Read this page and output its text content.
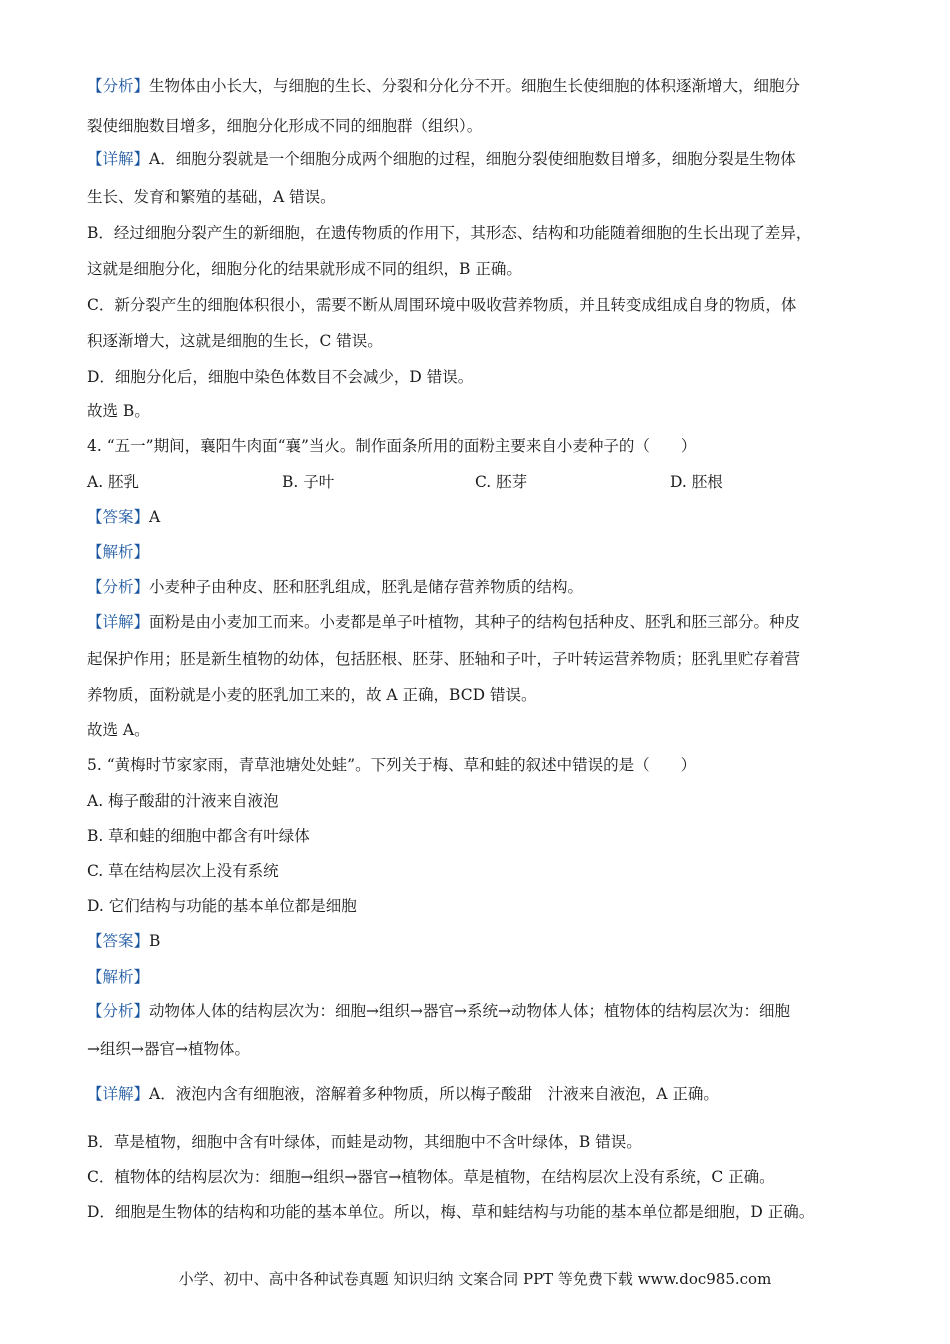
【分析】生物体由小长大，与细胞的生长、分裂和分化分不开。细胞生长使细胞的体积逐渐增大，细胞分
裂使细胞数目增多，细胞分化形成不同的细胞群（组织）。
【详解】A．细胞分裂就是一个细胞分成两个细胞的过程，细胞分裂使细胞数目增多，细胞分裂是生物体
生长、发育和繁殖的基础，A 错误。
B．经过细胞分裂产生的新细胞，在遗传物质的作用下，其形态、结构和功能随着细胞的生长出现了差异，
这就是细胞分化，细胞分化的结果就形成不同的组织，B 正确。
C．新分裂产生的细胞体积很小，需要不断从周围环境中吸收营养物质，并且转变成组成自身的物质，体
积逐渐增大，这就是细胞的生长，C 错误。
D．细胞分化后，细胞中染色体数目不会减少，D 错误。
故选 B。
4. “五一”期间，襄阳牛肉面“襄”当火。制作面条所用的面粉主要来自小麦种子的（　　）
A. 胚乳	B. 子叶	C. 胚芽	D. 胚根
【答案】A
【解析】
【分析】小麦种子由种皮、胚和胚乳组成，胚乳是储存营养物质的结构。
【详解】面粉是由小麦加工而来。小麦都是单子叶植物，其种子的结构包括种皮、胚乳和胚三部分。种皮
起保护作用；胚是新生植物的幼体，包括胚根、胚芽、胚轴和子叶，子叶转运营养物质；胚乳里贮存着营
养物质，面粉就是小麦的胚乳加工来的，故 A 正确，BCD 错误。
故选 A。
5. “黄梅时节家家雨，青草池塘处处蛙”。下列关于梅、草和蛙的叙述中错误的是（　　）
A. 梅子酸甜的汁液来自液泡
B. 草和蛙的细胞中都含有叶绿体
C. 草在结构层次上没有系统
D. 它们结构与功能的基本单位都是细胞
【答案】B
【解析】
【分析】动物体人体的结构层次为：细胞→组织→器官→系统→动物体人体；植物体的结构层次为：细胞
→组织→器官→植物体。
【详解】A．液泡内含有细胞液，溶解着多种物质，所以梅子酸甜　汁液来自液泡，A 正确。
B．草是植物，细胞中含有叶绿体，而蛙是动物，其细胞中不含叶绿体，B 错误。
C．植物体的结构层次为：细胞→组织→器官→植物体。草是植物，在结构层次上没有系统，C 正确。
D．细胞是生物体的结构和功能的基本单位。所以，梅、草和蛙结构与功能的基本单位都是细胞，D 正确。
小学、初中、高中各种试卷真题 知识归纳 文案合同 PPT 等免费下载 www.doc985.com
